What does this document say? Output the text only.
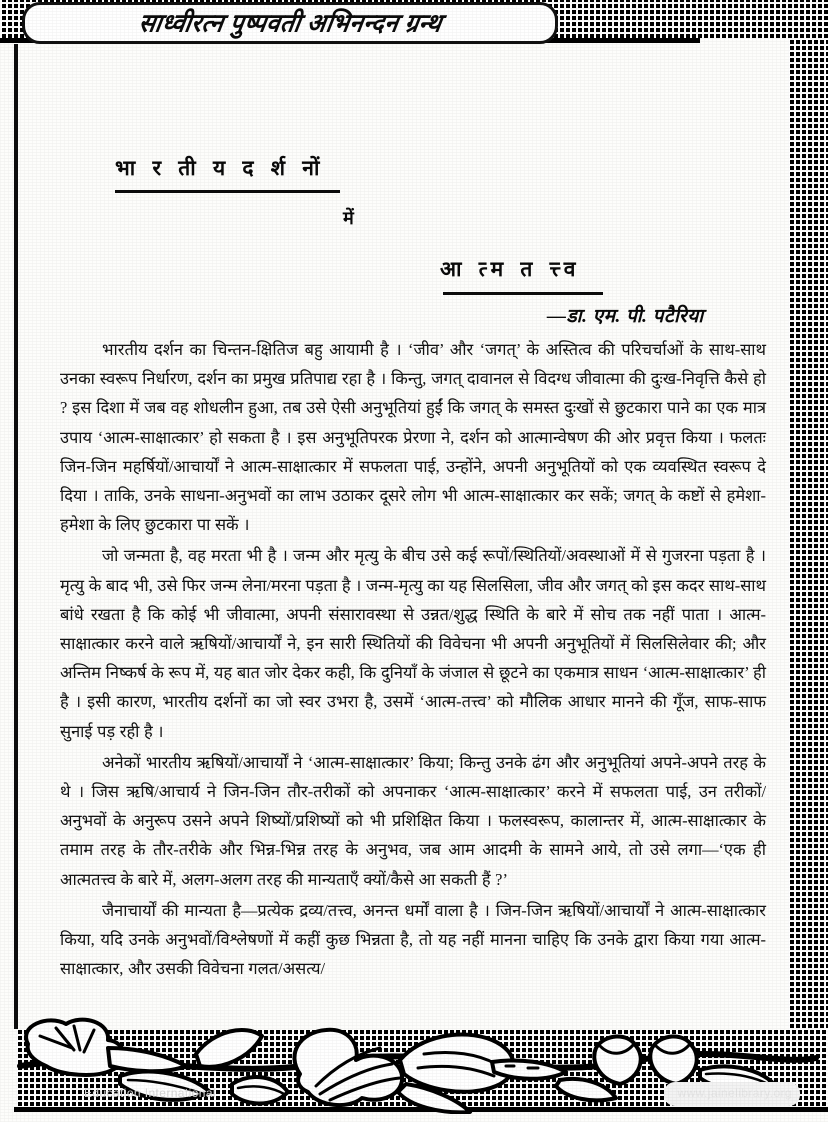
साध्वीरत्न पुष्पवती अभिनन्दन ग्रन्थ
भा र ती य द र्श नों
में
आ त्म त त्त्व
—डा. एम. पी. पटैरिया

भारतीय दर्शन का चिन्तन-क्षितिज बहु आयामी है । ‘जीव’ और ‘जगत्’ के अस्तित्व की परिचर्चाओं के साथ-साथ उनका स्वरूप निर्धारण, दर्शन का प्रमुख प्रतिपाद्य रहा है । किन्तु, जगत् दावानल से विदग्ध जीवात्मा की दुःख-निवृत्ति कैसे हो ? इस दिशा में जब वह शोधलीन हुआ, तब उसे ऐसी अनुभूतियां हुईं कि जगत् के समस्त दुःखों से छुटकारा पाने का एक मात्र उपाय ‘आत्म-साक्षात्कार’ हो सकता है । इस अनुभूतिपरक प्रेरणा ने, दर्शन को आत्मान्वेषण की ओर प्रवृत्त किया । फलतः जिन-जिन महर्षियों/आचार्यों ने आत्म-साक्षात्कार में सफलता पाई, उन्होंने, अपनी अनुभूतियों को एक व्यवस्थित स्वरूप दे दिया । ताकि, उनके साधना-अनुभवों का लाभ उठाकर दूसरे लोग भी आत्म-साक्षात्कार कर सकें; जगत् के कष्टों से हमेशा-हमेशा के लिए छुटकारा पा सकें ।

जो जन्मता है, वह मरता भी है । जन्म और मृत्यु के बीच उसे कई रूपों/स्थितियों/अवस्थाओं में से गुजरना पड़ता है । मृत्यु के बाद भी, उसे फिर जन्म लेना/मरना पड़ता है । जन्म-मृत्यु का यह सिलसिला, जीव और जगत् को इस कदर साथ-साथ बांधे रखता है कि कोई भी जीवात्मा, अपनी संसारावस्था से उन्नत/शुद्ध स्थिति के बारे में सोच तक नहीं पाता । आत्म-साक्षात्कार करने वाले ऋषियों/आचार्यों ने, इन सारी स्थितियों की विवेचना भी अपनी अनुभूतियों में सिलसिलेवार की; और अन्तिम निष्कर्ष के रूप में, यह बात जोर देकर कही, कि दुनियाँ के जंजाल से छूटने का एकमात्र साधन ‘आत्म-साक्षात्कार’ ही है । इसी कारण, भारतीय दर्शनों का जो स्वर उभरा है, उसमें ‘आत्म-तत्त्व’ को मौलिक आधार मानने की गूँज, साफ-साफ सुनाई पड़ रही है ।

अनेकों भारतीय ऋषियों/आचार्यों ने ‘आत्म-साक्षात्कार’ किया; किन्तु उनके ढंग और अनुभूतियां अपने-अपने तरह के थे । जिस ऋषि/आचार्य ने जिन-जिन तौर-तरीकों को अपनाकर ‘आत्म-साक्षात्कार’ करने में सफलता पाई, उन तरीकों/अनुभवों के अनुरूप उसने अपने शिष्यों/प्रशिष्यों को भी प्रशिक्षित किया । फलस्वरूप, कालान्तर में, आत्म-साक्षात्कार के तमाम तरह के तौर-तरीके और भिन्न-भिन्न तरह के अनुभव, जब आम आदमी के सामने आये, तो उसे लगा—‘एक ही आत्मतत्त्व के बारे में, अलग-अलग तरह की मान्यताएँ क्यों/कैसे आ सकती हैं ?’

जैनाचार्यों की मान्यता है—प्रत्येक द्रव्य/तत्त्व, अनन्त धर्मों वाला है । जिन-जिन ऋषियों/आचार्यों ने आत्म-साक्षात्कार किया, यदि उनके अनुभवों/विश्लेषणों में कहीं कुछ भिन्नता है, तो यह नहीं मानना चाहिए कि उनके द्वारा किया गया आत्म-साक्षात्कार, और उसकी विवेचना गलत/असत्य/

Education International	www.jainelibrary.org
